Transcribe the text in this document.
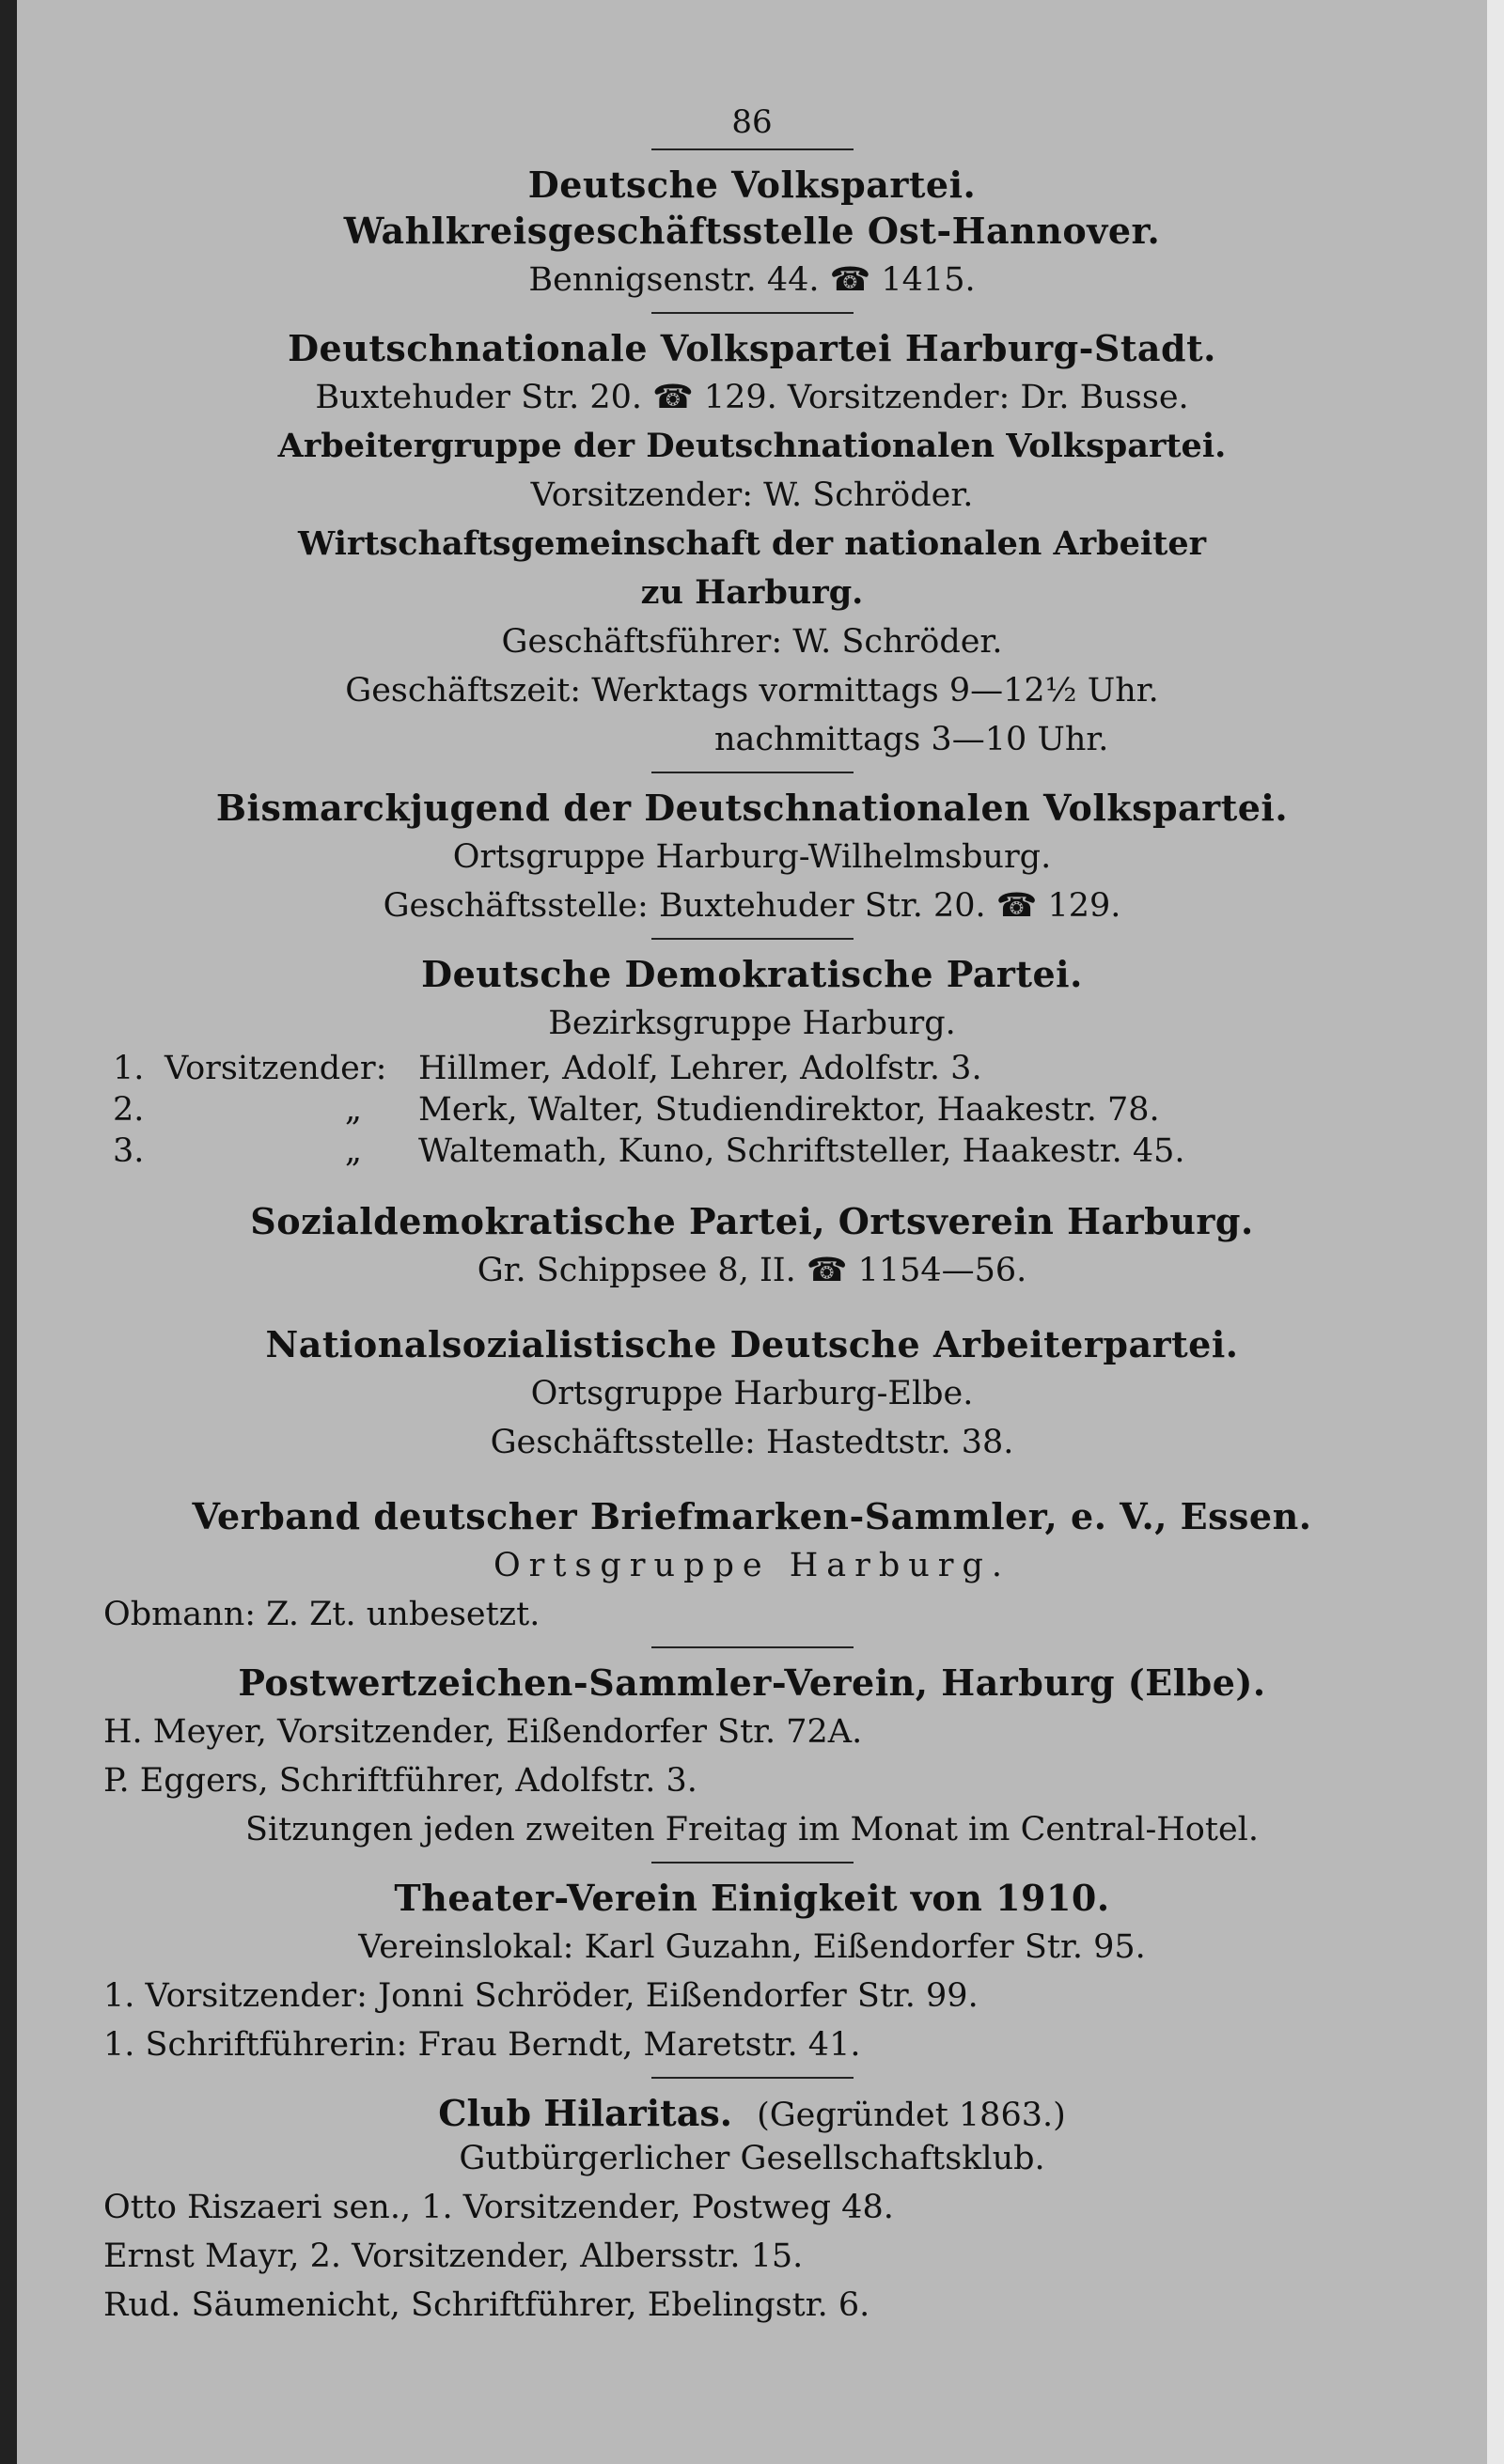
86
Deutsche Volkspartei.
Wahlkreisgeschäftsstelle Ost-Hannover.
Bennigsenstr. 44. ☎ 1415.
Deutschnationale Volkspartei Harburg-Stadt.
Buxtehuder Str. 20. ☎ 129. Vorsitzender: Dr. Busse.
Arbeitergruppe der Deutschnationalen Volkspartei.
Vorsitzender: W. Schröder.
Wirtschaftsgemeinschaft der nationalen Arbeiter
zu Harburg.
Geschäftsführer: W. Schröder.
Geschäftszeit: Werktags vormittags 9—12½ Uhr.
nachmittags 3—10 Uhr.
Bismarckjugend der Deutschnationalen Volkspartei.
Ortsgruppe Harburg-Wilhelmsburg.
Geschäftsstelle: Buxtehuder Str. 20. ☎ 129.
Deutsche Demokratische Partei.
Bezirksgruppe Harburg.
1. Vorsitzender: Hillmer, Adolf, Lehrer, Adolfstr. 3.
2.	„	Merk, Walter, Studiendirektor, Haakestr. 78.
3.	„	Waltemath, Kuno, Schriftsteller, Haakestr. 45.
Sozialdemokratische Partei, Ortsverein Harburg.
Gr. Schippsee 8, II. ☎ 1154—56.
Nationalsozialistische Deutsche Arbeiterpartei.
Ortsgruppe Harburg-Elbe.
Geschäftsstelle: Hastedtstr. 38.
Verband deutscher Briefmarken-Sammler, e. V., Essen.
Ortsgruppe Harburg.
Obmann: Z. Zt. unbesetzt.
Postwertzeichen-Sammler-Verein, Harburg (Elbe).
H. Meyer, Vorsitzender, Eißendorfer Str. 72A.
P. Eggers, Schriftführer, Adolfstr. 3.
Sitzungen jeden zweiten Freitag im Monat im Central-Hotel.
Theater-Verein Einigkeit von 1910.
Vereinslokal: Karl Guzahn, Eißendorfer Str. 95.
1. Vorsitzender: Jonni Schröder, Eißendorfer Str. 99.
1. Schriftführerin: Frau Berndt, Maretstr. 41.
Club Hilaritas. (Gegründet 1863.)
Gutbürgerlicher Gesellschaftsklub.
Otto Riszaeri sen., 1. Vorsitzender, Postweg 48.
Ernst Mayr, 2. Vorsitzender, Albersstr. 15.
Rud. Säumenicht, Schriftführer, Ebelingstr. 6.
